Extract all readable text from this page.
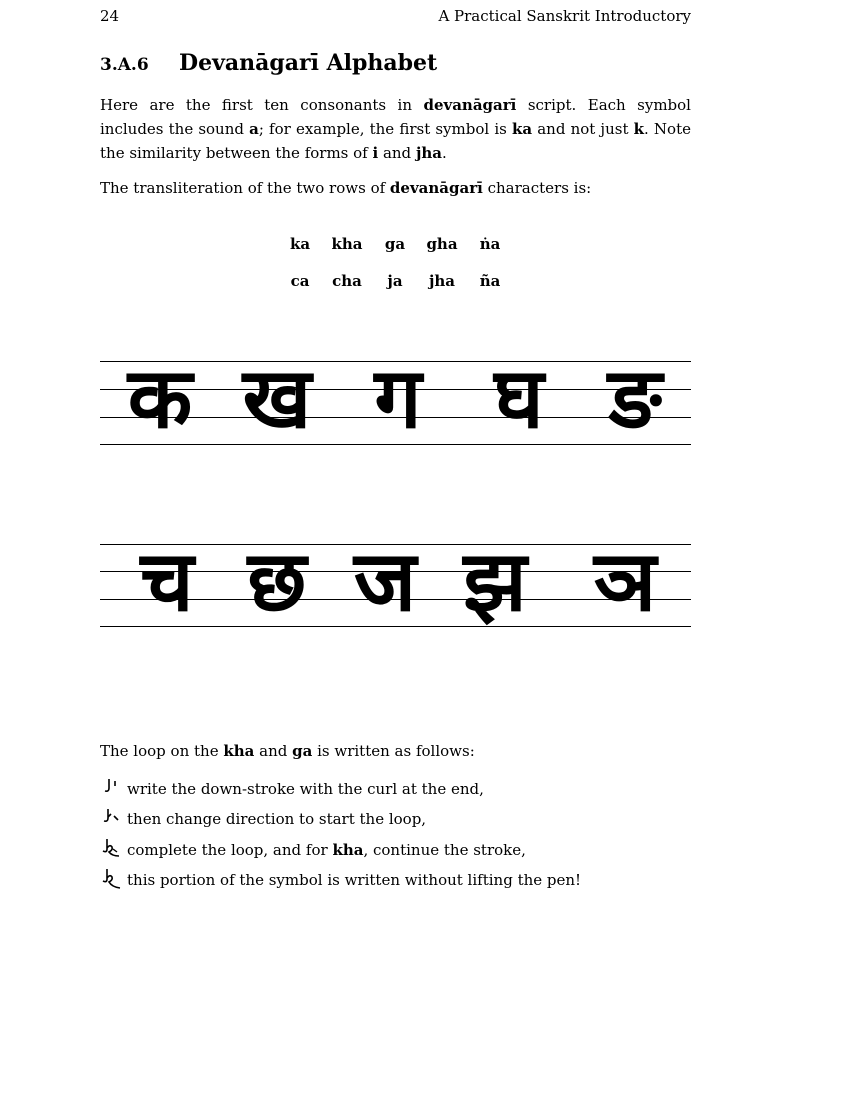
24	A Practical Sanskrit Introductory
3.A.6 Devanāgarī Alphabet

Here are the first ten consonants in devanāgarī script. Each symbol includes the sound a; for example, the first symbol is ka and not just k. Note the similarity between the forms of i and jha.

The transliteration of the two rows of devanāgarī characters is:

ka kha ga gha ṅa
ca cha ja jha ña
क ख ग घ ङ
च छ ज झ ञ

The loop on the kha and ga is written as follows:

write the down-stroke with the curl at the end,
then change direction to start the loop,
complete the loop, and for kha, continue the stroke,
this portion of the symbol is written without lifting the pen!
